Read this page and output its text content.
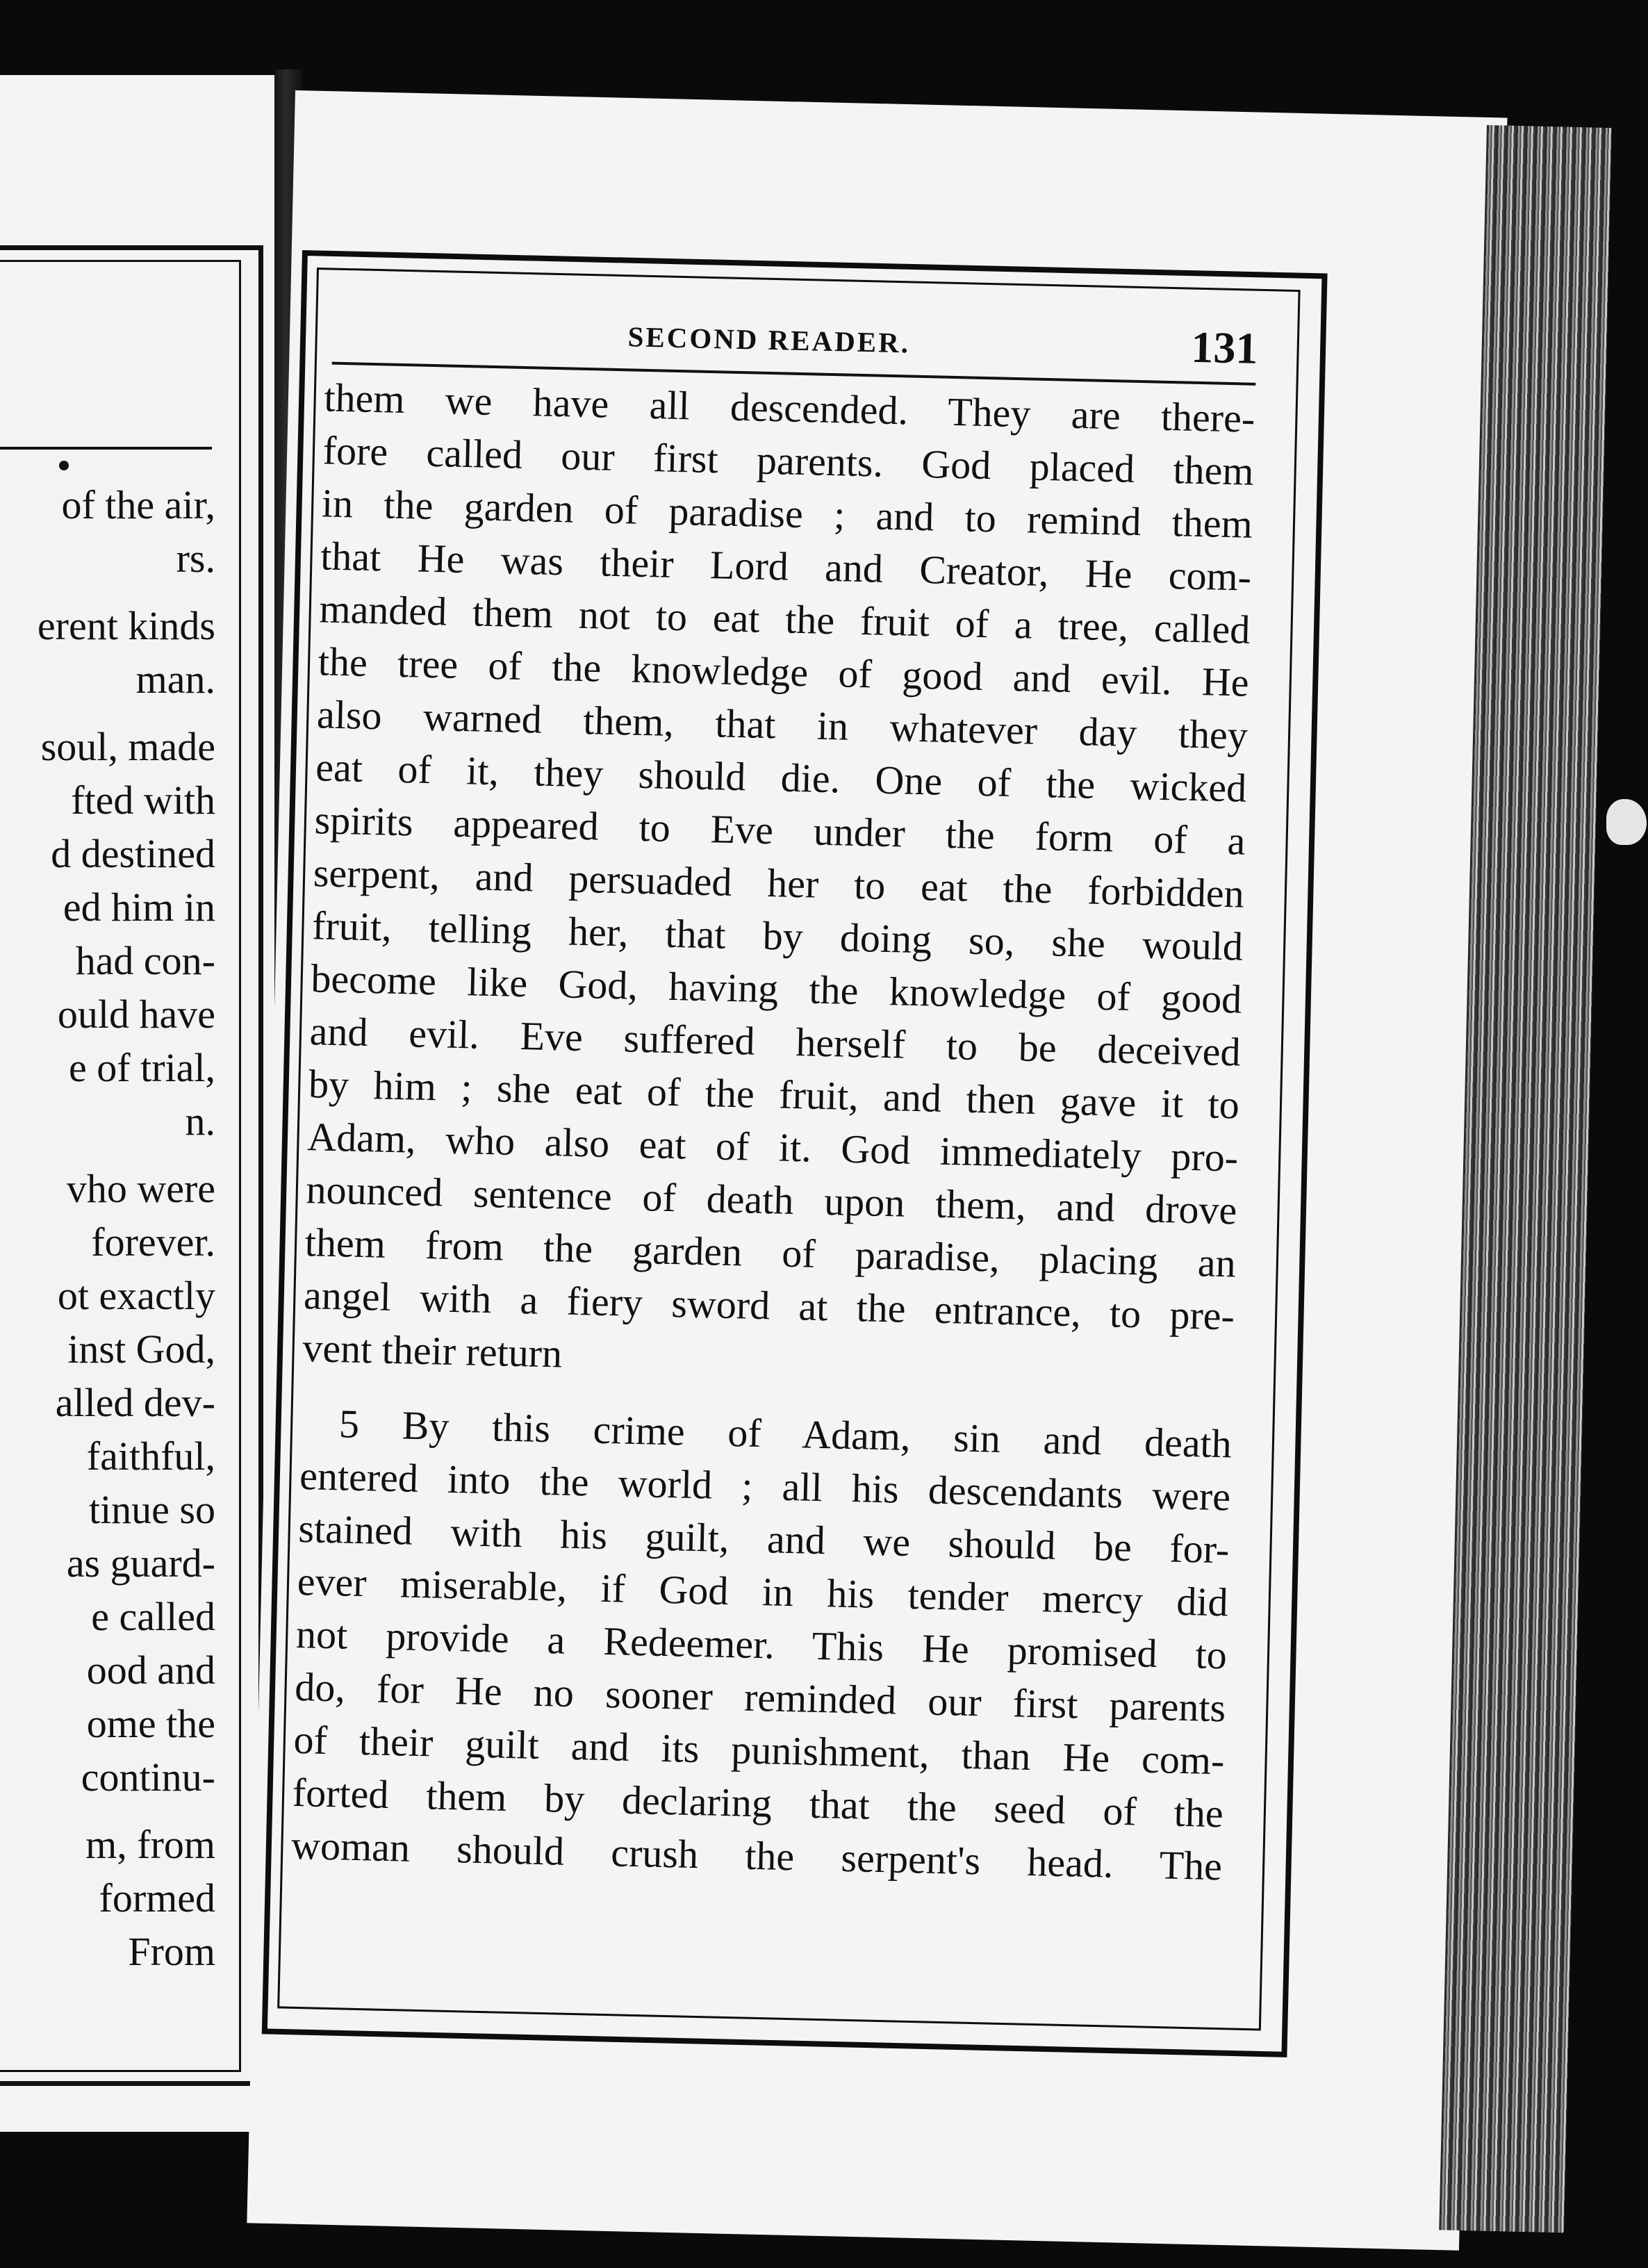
of the air,
rs.
erent kinds
man.
soul, made
fted with
d destined
ed him in
had con-
ould have
e of trial,
n.
vho were
forever.
ot exactly
inst God,
alled dev-
faithful,
tinue so
as guard-
e called
ood and
ome the
continu-
m, from
formed
From
SECOND READER.	131
them we have all descended. They are there-
fore called our first parents. God placed them
in the garden of paradise ; and to remind them
that He was their Lord and Creator, He com-
manded them not to eat the fruit of a tree, called
the tree of the knowledge of good and evil. He
also warned them, that in whatever day they
eat of it, they should die. One of the wicked
spirits appeared to Eve under the form of a
serpent, and persuaded her to eat the forbidden
fruit, telling her, that by doing so, she would
become like God, having the knowledge of good
and evil. Eve suffered herself to be deceived
by him ; she eat of the fruit, and then gave it to
Adam, who also eat of it. God immediately pro-
nounced sentence of death upon them, and drove
them from the garden of paradise, placing an
angel with a fiery sword at the entrance, to pre-
vent their return
5 By this crime of Adam, sin and death
entered into the world ; all his descendants were
stained with his guilt, and we should be for-
ever miserable, if God in his tender mercy did
not provide a Redeemer. This He promised to
do, for He no sooner reminded our first parents
of their guilt and its punishment, than He com-
forted them by declaring that the seed of the
woman should crush the serpent's head. The
